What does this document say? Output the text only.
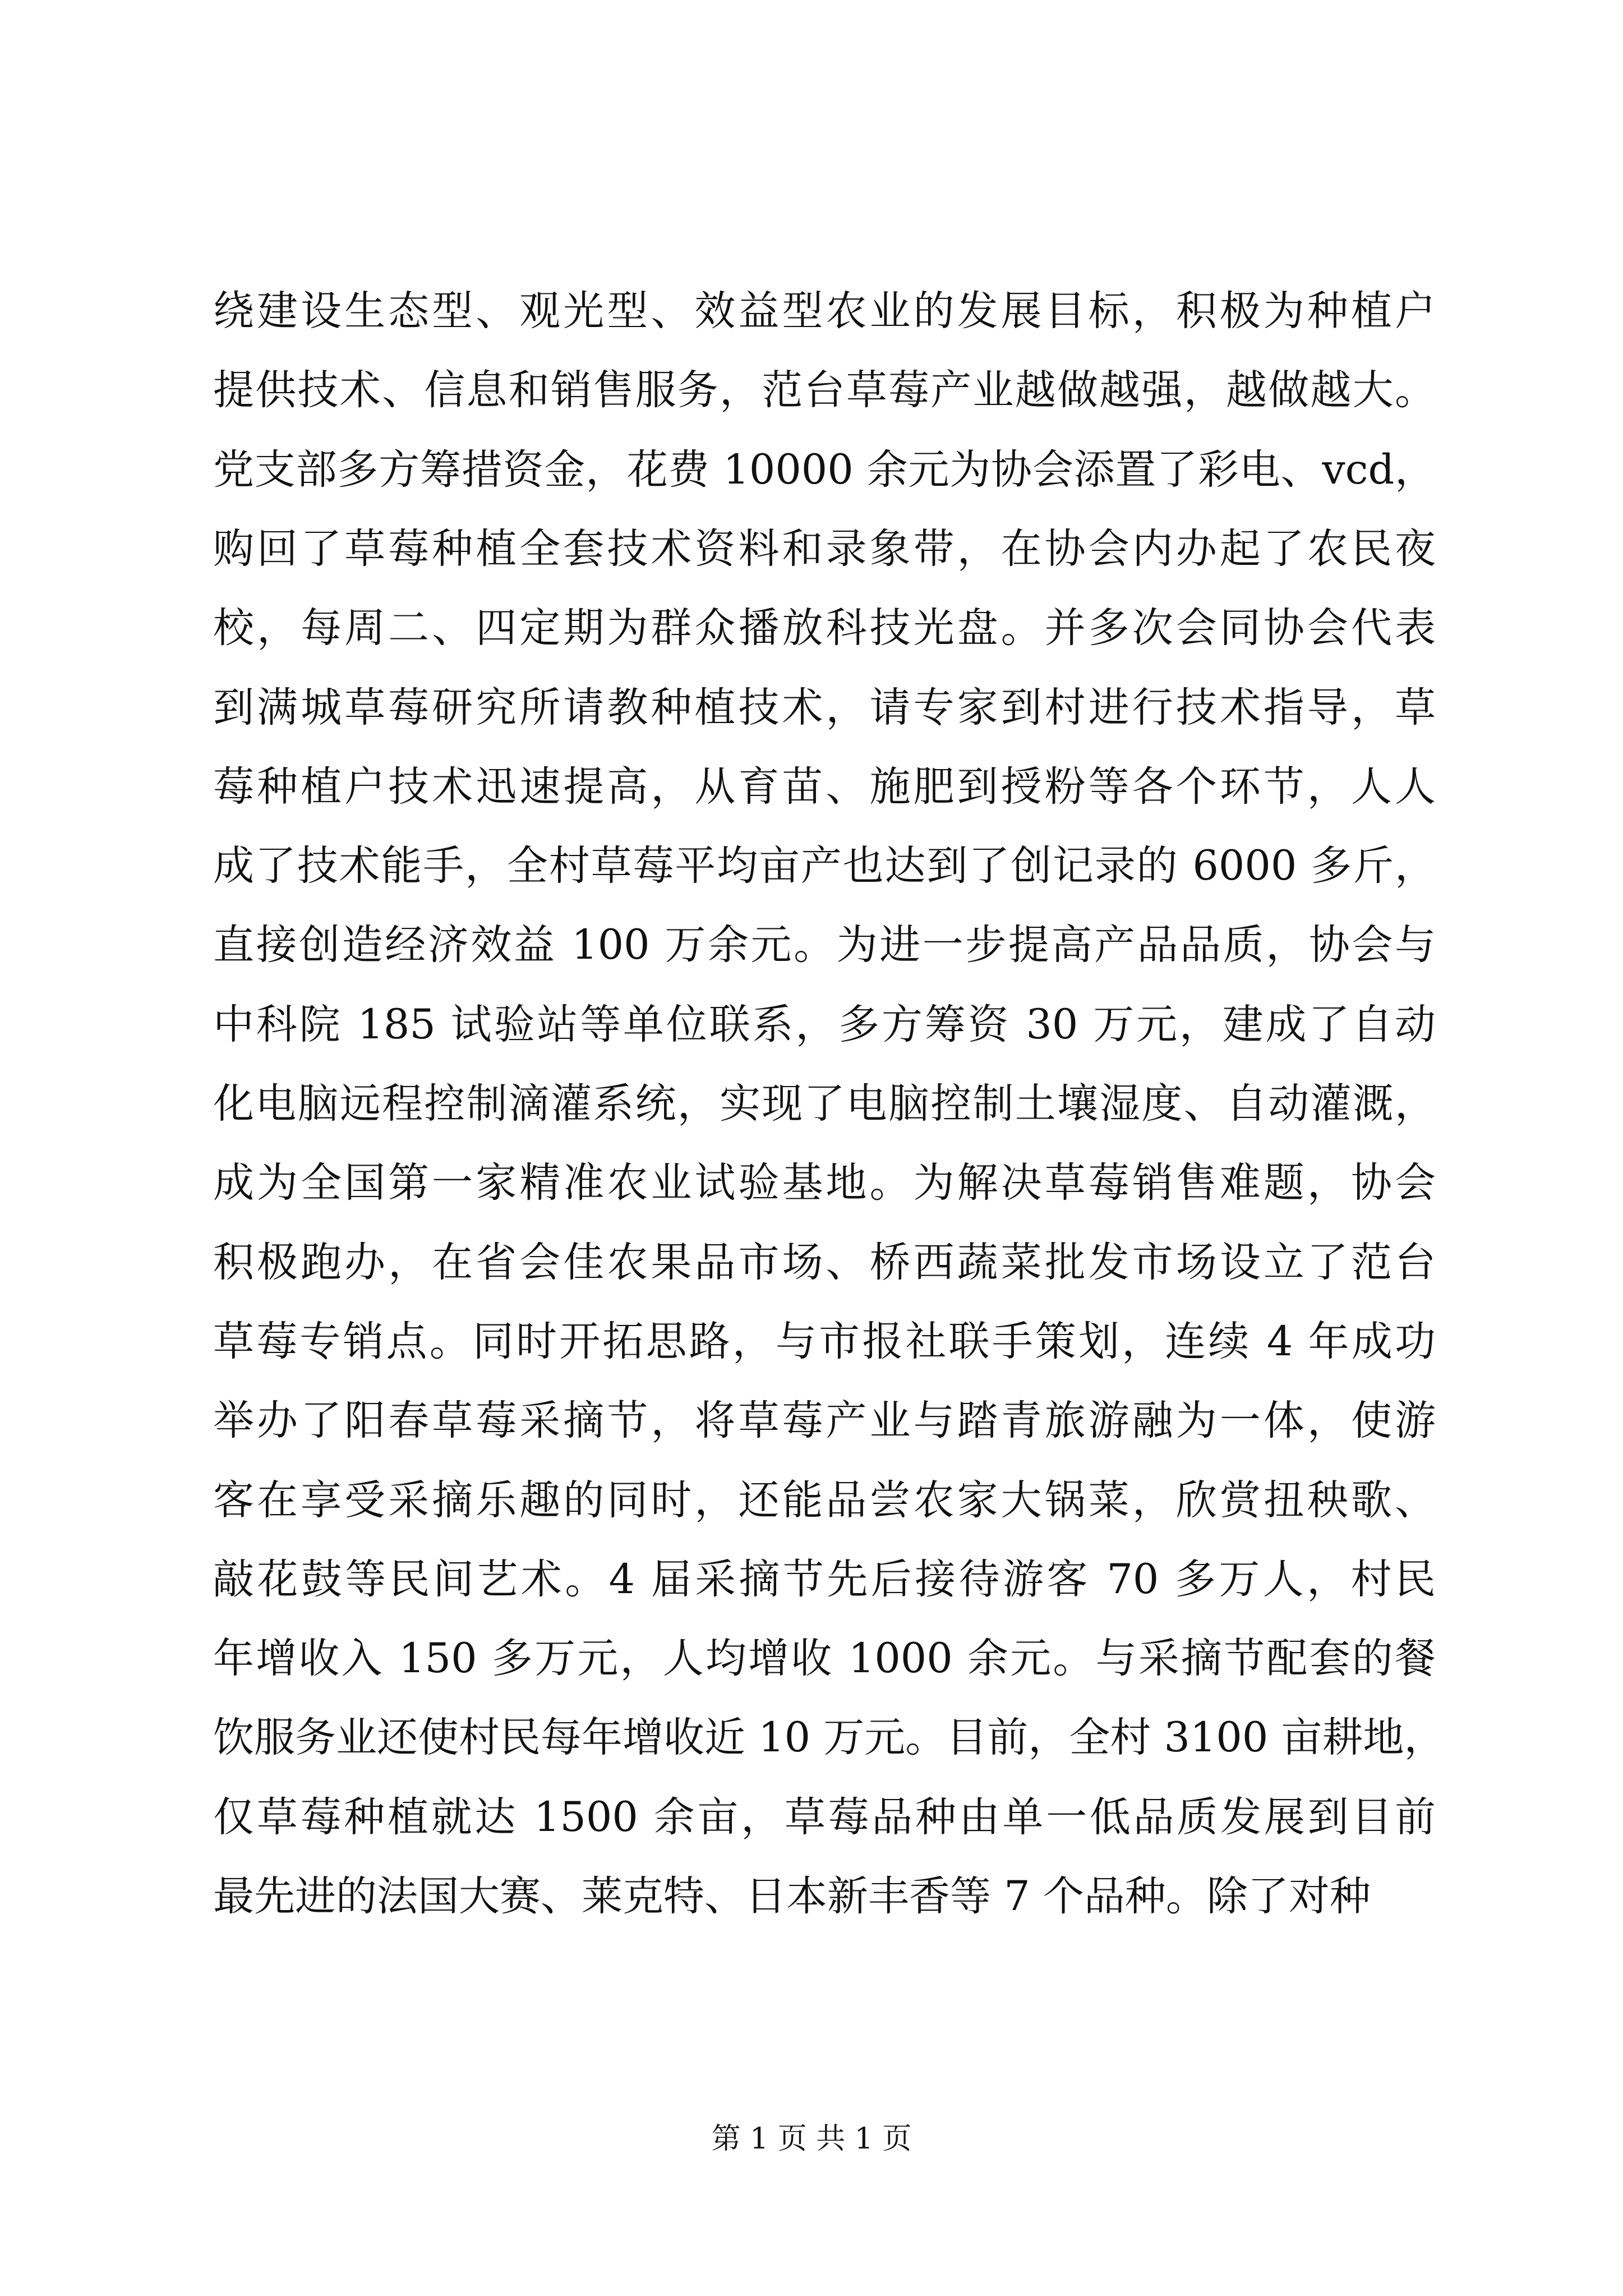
绕建设生态型、观光型、效益型农业的发展目标，积极为种植户
提供技术、信息和销售服务，范台草莓产业越做越强，越做越大。
党支部多方筹措资金，花费 10000 余元为协会添置了彩电、vcd，
购回了草莓种植全套技术资料和录象带，在协会内办起了农民夜
校，每周二、四定期为群众播放科技光盘。并多次会同协会代表
到满城草莓研究所请教种植技术，请专家到村进行技术指导，草
莓种植户技术迅速提高，从育苗、施肥到授粉等各个环节，人人
成了技术能手，全村草莓平均亩产也达到了创记录的 6000 多斤，
直接创造经济效益 100 万余元。为进一步提高产品品质，协会与
中科院 185 试验站等单位联系，多方筹资 30 万元，建成了自动
化电脑远程控制滴灌系统，实现了电脑控制土壤湿度、自动灌溉，
成为全国第一家精准农业试验基地。为解决草莓销售难题，协会
积极跑办，在省会佳农果品市场、桥西蔬菜批发市场设立了范台
草莓专销点。同时开拓思路，与市报社联手策划，连续 4 年成功
举办了阳春草莓采摘节，将草莓产业与踏青旅游融为一体，使游
客在享受采摘乐趣的同时，还能品尝农家大锅菜，欣赏扭秧歌、
敲花鼓等民间艺术。4 届采摘节先后接待游客 70 多万人，村民
年增收入 150 多万元，人均增收 1000 余元。与采摘节配套的餐
饮服务业还使村民每年增收近 10 万元。目前，全村 3100 亩耕地，
仅草莓种植就达 1500 余亩，草莓品种由单一低品质发展到目前
最先进的法国大赛、莱克特、日本新丰香等 7 个品种。除了对种
第 1 页 共 1 页
